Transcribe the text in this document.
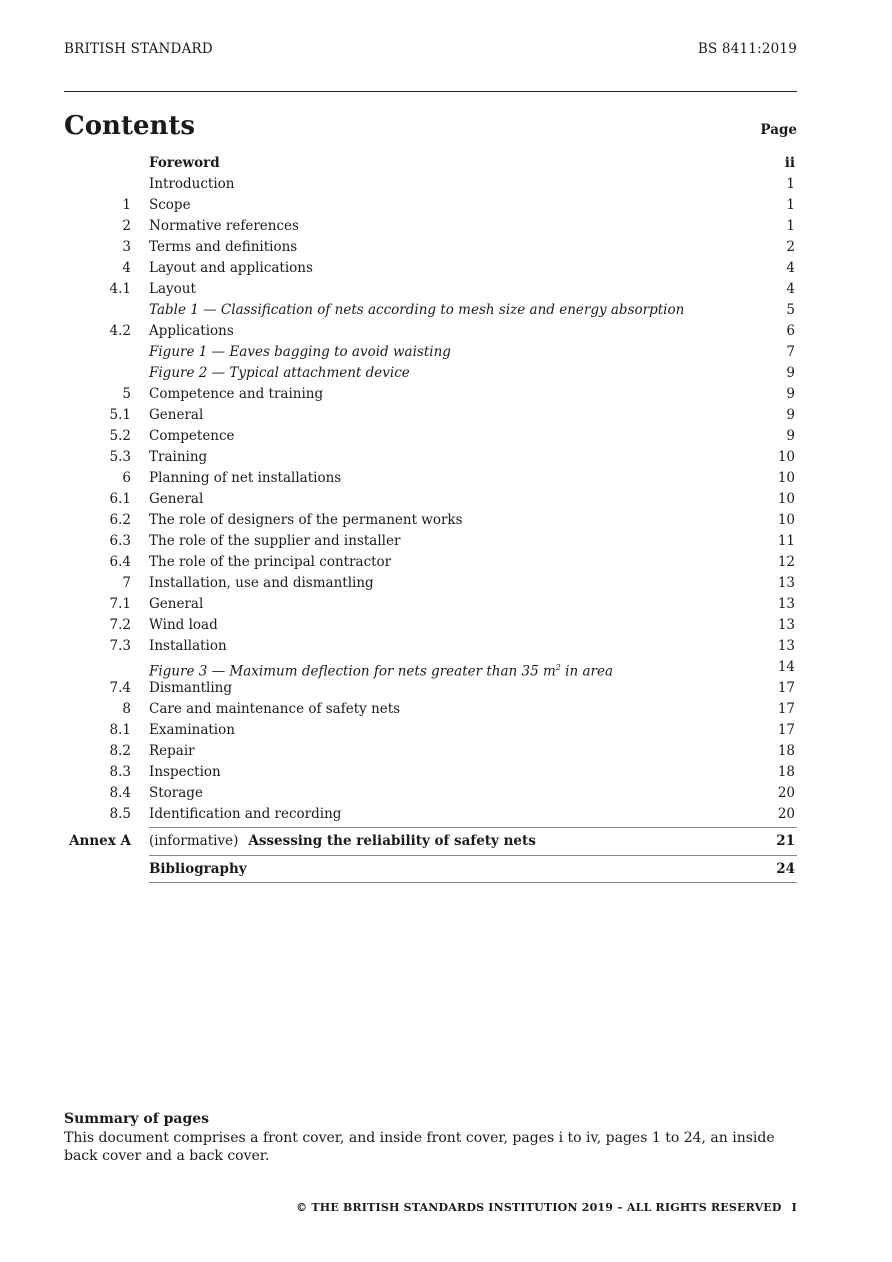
BRITISH STANDARD	BS 8411:2019
Contents	Page
Foreword	ii
Introduction	1
1 Scope	1
2 Normative references	1
3 Terms and definitions	2
4 Layout and applications	4
4.1 Layout	4
Table 1 — Classification of nets according to mesh size and energy absorption	5
4.2 Applications	6
Figure 1 — Eaves bagging to avoid waisting	7
Figure 2 — Typical attachment device	9
5 Competence and training	9
5.1 General	9
5.2 Competence	9
5.3 Training	10
6 Planning of net installations	10
6.1 General	10
6.2 The role of designers of the permanent works	10
6.3 The role of the supplier and installer	11
6.4 The role of the principal contractor	12
7 Installation, use and dismantling	13
7.1 General	13
7.2 Wind load	13
7.3 Installation	13
Figure 3 — Maximum deflection for nets greater than 35 $m^2$ in area	14
7.4 Dismantling	17
8 Care and maintenance of safety nets	17
8.1 Examination	17
8.2 Repair	18
8.3 Inspection	18
8.4 Storage	20
8.5 Identification and recording	20
Annex A (informative) Assessing the reliability of safety nets	21
Bibliography	24
Summary of pages
This document comprises a front cover, and inside front cover, pages i to iv, pages 1 to 24, an inside back cover and a back cover.
© THE BRITISH STANDARDS INSTITUTION 2019 – ALL RIGHTS RESERVED I
